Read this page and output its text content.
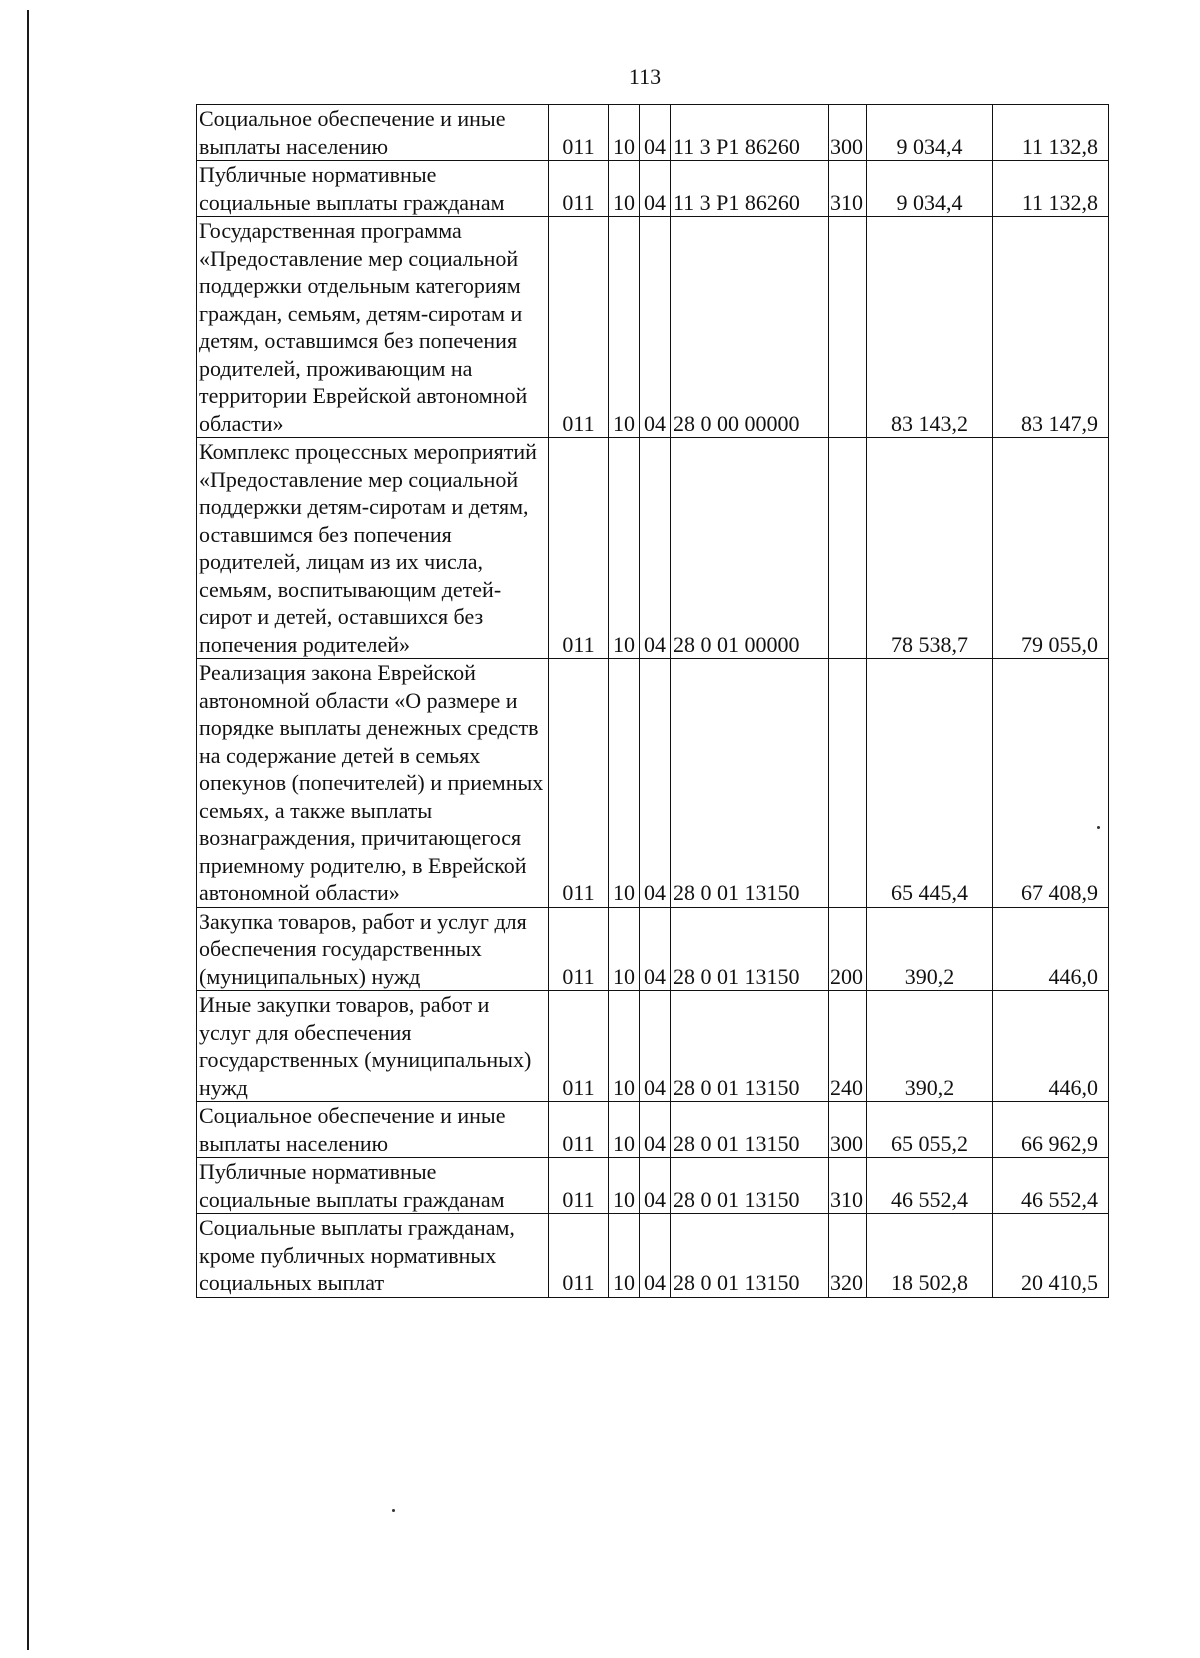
113
Социальное обеспечение и иные выплаты населению	011	10	04	11 3 Р1 86260	300	9 034,4	11 132,8
Публичные нормативные социальные выплаты гражданам	011	10	04	11 3 Р1 86260	310	9 034,4	11 132,8
Государственная программа «Предоставление мер социальной поддержки отдельным категориям граждан, семьям, детям-сиротам и детям, оставшимся без попечения родителей, проживающим на территории Еврейской автономной области»	011	10	04	28 0 00 00000		83 143,2	83 147,9
Комплекс процессных мероприятий «Предоставление мер социальной поддержки детям-сиротам и детям, оставшимся без попечения родителей, лицам из их числа, семьям, воспитывающим детей-сирот и детей, оставшихся без попечения родителей»	011	10	04	28 0 01 00000		78 538,7	79 055,0
Реализация закона Еврейской автономной области «О размере и порядке выплаты денежных средств на содержание детей в семьях опекунов (попечителей) и приемных семьях, а также выплаты вознаграждения, причитающегося приемному родителю, в Еврейской автономной области»	011	10	04	28 0 01 13150		65 445,4	67 408,9
Закупка товаров, работ и услуг для обеспечения государственных (муниципальных) нужд	011	10	04	28 0 01 13150	200	390,2	446,0
Иные закупки товаров, работ и услуг для обеспечения государственных (муниципальных) нужд	011	10	04	28 0 01 13150	240	390,2	446,0
Социальное обеспечение и иные выплаты населению	011	10	04	28 0 01 13150	300	65 055,2	66 962,9
Публичные нормативные социальные выплаты гражданам	011	10	04	28 0 01 13150	310	46 552,4	46 552,4
Социальные выплаты гражданам, кроме публичных нормативных социальных выплат	011	10	04	28 0 01 13150	320	18 502,8	20 410,5
